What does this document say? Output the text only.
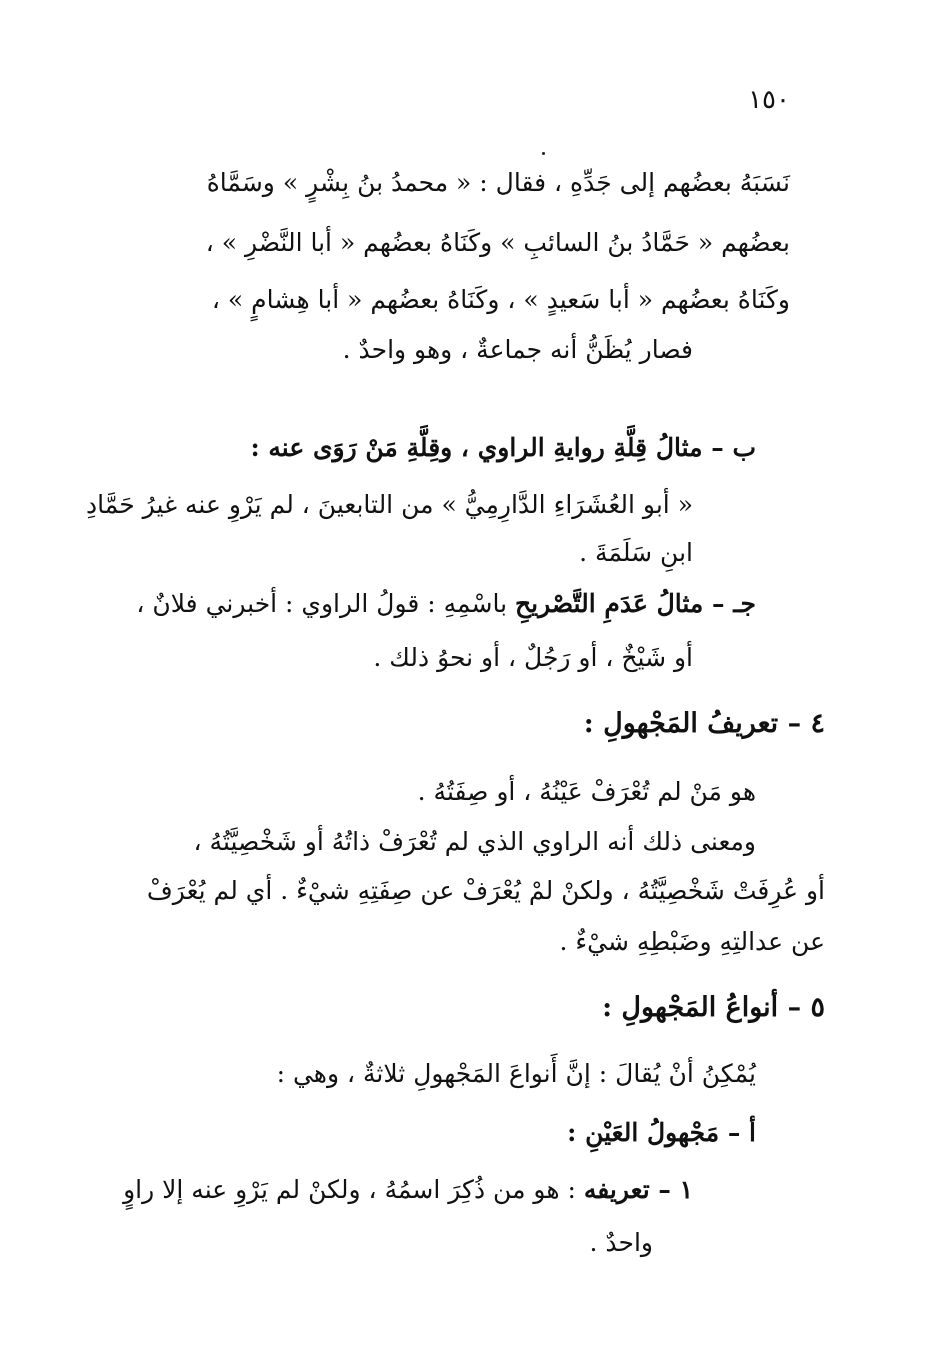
١٥٠
نَسَبَهُ بعضُهم إلى جَدِّهِ ، فقال : « محمدُ بنُ بِشْرٍ » وسَمَّاهُ
بعضُهم « حَمَّادُ بنُ السائبِ » وكَنَاهُ بعضُهم « أبا النَّضْرِ » ،
وكَنَاهُ بعضُهم « أبا سَعيدٍ » ، وكَنَاهُ بعضُهم « أبا هِشامٍ » ،
فصار يُظَنُّ أنه جماعةٌ ، وهو واحدٌ .
ب – مثالُ قِلَّةِ روايةِ الراوي ، وقِلَّةِ مَنْ رَوَى عنه :
« أبو العُشَرَاءِ الدَّارِمِيُّ » من التابعينَ ، لم يَرْوِ عنه غيرُ حَمَّادِ
ابنِ سَلَمَةَ .
جـ – مثالُ عَدَمِ التَّصْريحِ باسْمِهِ : قولُ الراوي : أخبرني فلانٌ ،
أو شَيْخٌ ، أو رَجُلٌ ، أو نحوُ ذلك .
٤ – تعريفُ المَجْهولِ :
هو مَنْ لم تُعْرَفْ عَيْنُهُ ، أو صِفَتُهُ .
ومعنى ذلك أنه الراوي الذي لم تُعْرَفْ ذاتُهُ أو شَخْصِيَّتُهُ ،
أو عُرِفَتْ شَخْصِيَّتُهُ ، ولكنْ لمْ يُعْرَفْ عن صِفَتِهِ شيْءٌ . أي لم يُعْرَفْ
عن عدالتِهِ وضَبْطِهِ شيْءٌ .
٥ – أنواعُ المَجْهولِ :
يُمْكِنُ أنْ يُقالَ : إنَّ أَنواعَ المَجْهولِ ثلاثةٌ ، وهي :
أ – مَجْهولُ العَيْنِ :
١ – تعريفه : هو من ذُكِرَ اسمُهُ ، ولكنْ لم يَرْوِ عنه إلا راوٍ
واحدٌ .
